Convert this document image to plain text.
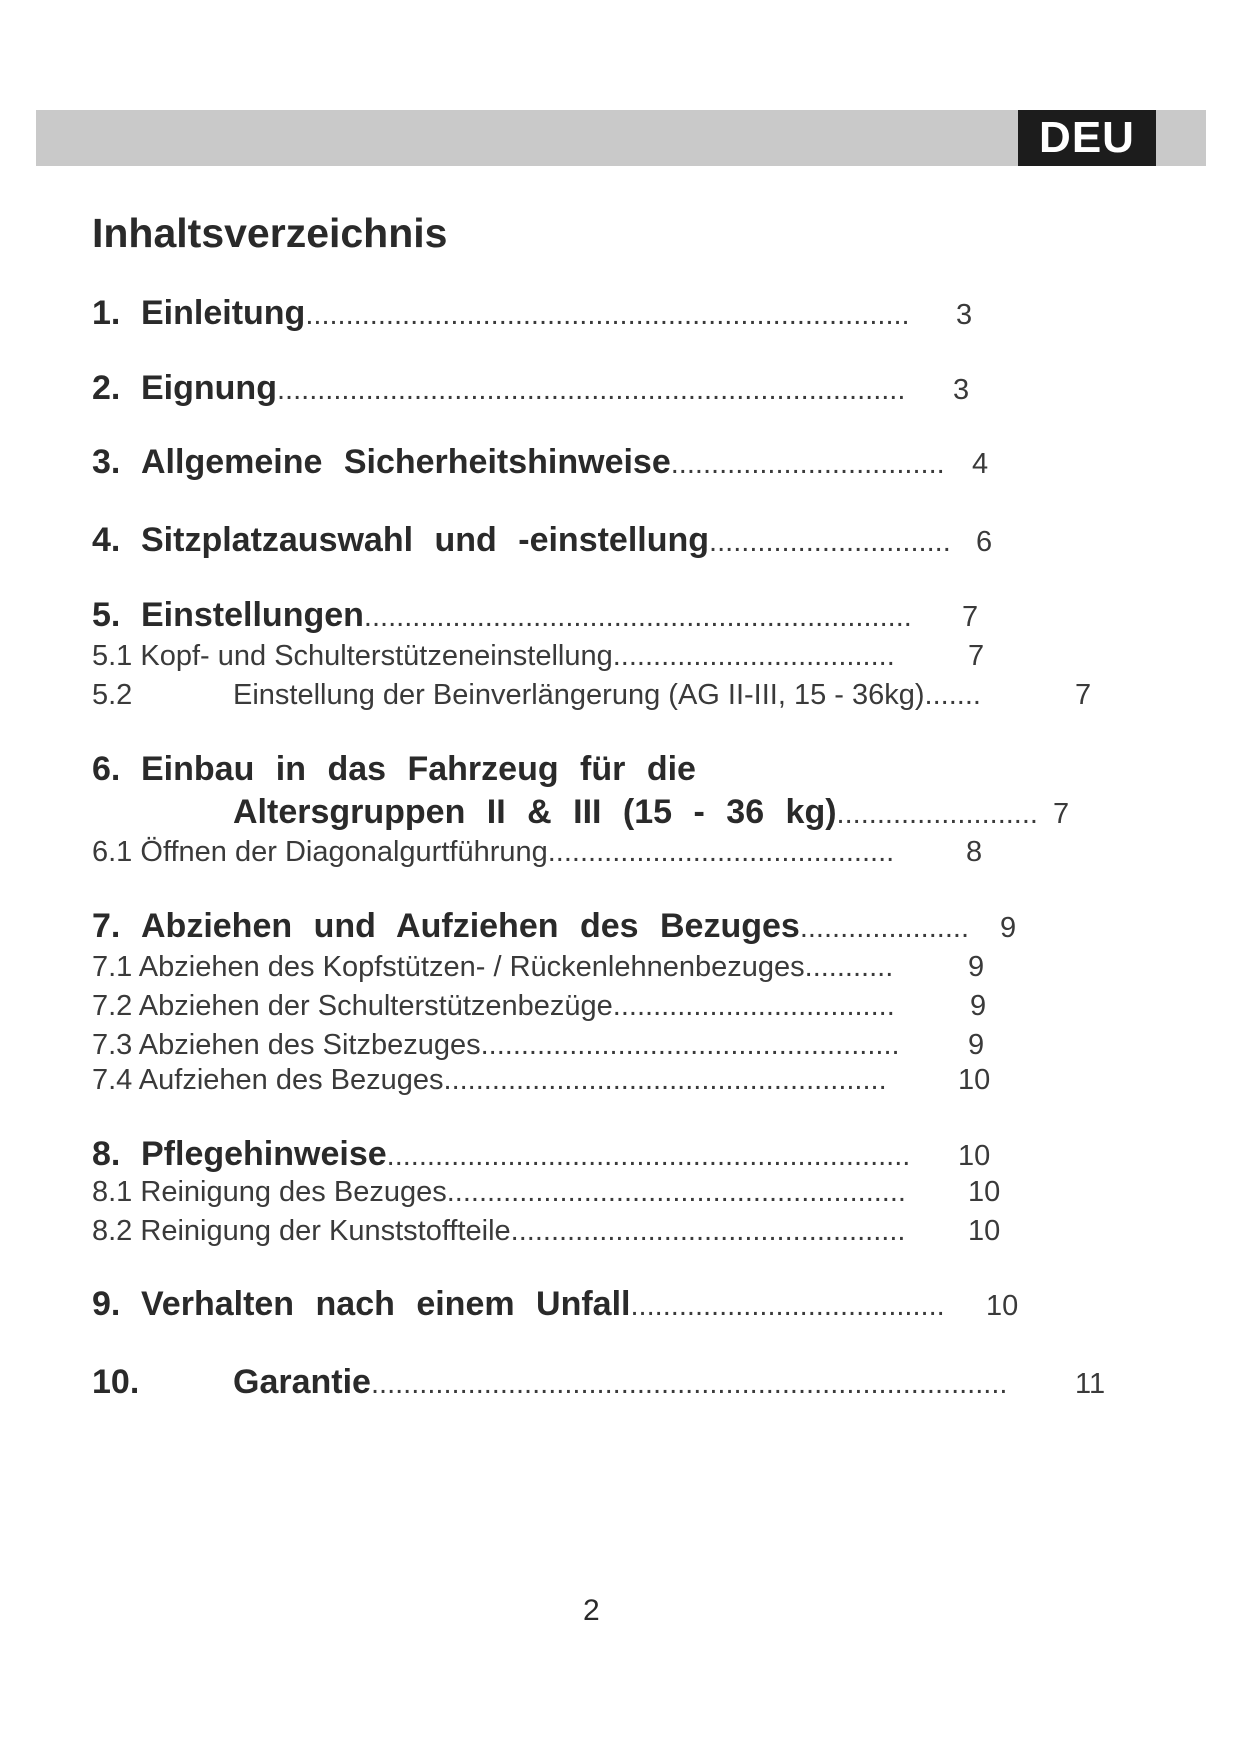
DEU
Inhaltsverzeichnis
1. Einleitung........................................................................... 3
2. Eignung.............................................................................. 3
3. Allgemeine Sicherheitshinweise.................................. 4
4. Sitzplatzauswahl und -einstellung.............................. 6
5. Einstellungen.................................................................... 7
5.1 Kopf- und Schulterstützeneinstellung...................................	7
5.2	Einstellung der Beinverlängerung (AG II-III, 15 - 36kg).......	7
6. Einbau in das Fahrzeug für die
Altersgruppen II & III (15 - 36 kg)......................... 7
6.1 Öffnen der Diagonalgurtführung........................................... 8
7. Abziehen und Aufziehen des Bezuges..................... 9
7.1 Abziehen des Kopfstützen- / Rückenlehnenbezuges...........	9
7.2 Abziehen der Schulterstützenbezüge...................................	9
7.3 Abziehen des Sitzbezuges.................................................... 9
7.4 Aufziehen des Bezuges....................................................... 10
8. Pflegehinweise................................................................. 10
8.1 Reinigung des Bezuges......................................................... 10
8.2 Reinigung der Kunststoffteile................................................. 10
9. Verhalten nach einem Unfall....................................... 10
10.	Garantie............................................................................... 11
2
